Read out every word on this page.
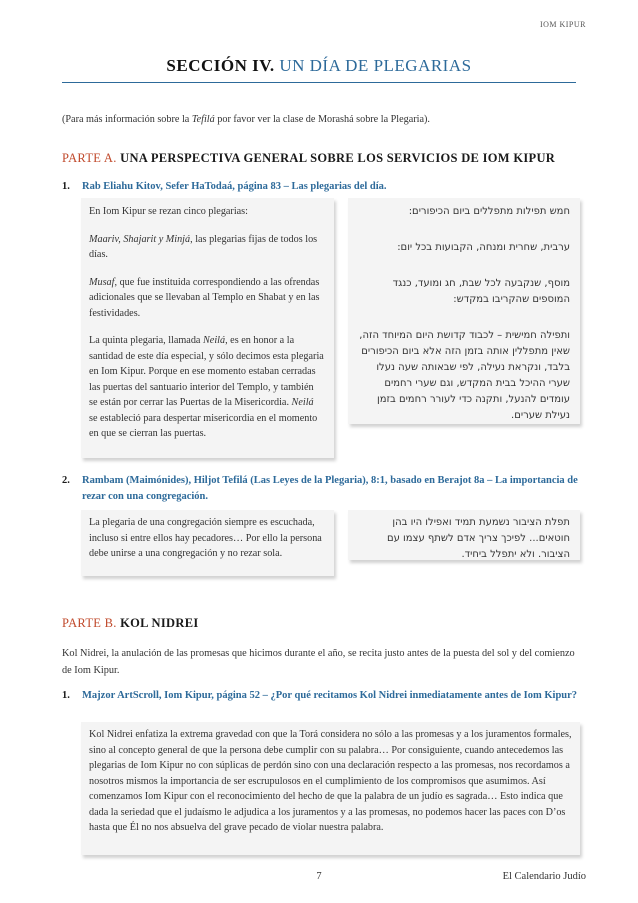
IOM KIPUR
SECCIÓN IV. UN DÍA DE PLEGARIAS
(Para más información sobre la Tefilá por favor ver la clase de Morashá sobre la Plegaria).
PARTE A. UNA PERSPECTIVA GENERAL SOBRE LOS SERVICIOS DE IOM KIPUR
1. Rab Eliahu Kitov, Sefer HaTodaá, página 83 – Las plegarias del día.
En Iom Kipur se rezan cinco plegarias:
Maariv, Shajarit y Minjá, las plegarias fijas de todos los días.
Musaf, que fue instituida correspondiendo a las ofrendas adicionales que se llevaban al Templo en Shabat y en las festividades.
La quinta plegaria, llamada Neilá, es en honor a la santidad de este día especial, y sólo decimos esta plegaria en Iom Kipur. Porque en ese momento estaban cerradas las puertas del santuario interior del Templo, y también se están por cerrar las Puertas de la Misericordia. Neilá se estableció para despertar misericordia en el momento en que se cierran las puertas.
חמש תפילות מתפללים ביום הכיפורים:
ערבית, שחרית ומנחה, הקבועות בכל יום:
מוסף, שנקבעה לכל שבת, חג ומועד, כנגד המוספים שהקריבו במקדש:
ותפילה חמישית – לכבוד קדושת היום המיוחד הזה, שאין מתפללין אותה בזמן הזה אלא ביום הכיפורים בלבד, ונקראת נעילה, לפי שבאותה שעה נעלו שערי ההיכל בבית המקדש, וגם שערי רחמים עומדים להנעל, ותקנה כדי לעורר רחמים בזמן נעילת שערים.
2. Rambam (Maimónides), Hiljot Tefilá (Las Leyes de la Plegaria), 8:1, basado en Berajot 8a – La importancia de rezar con una congregación.
La plegaria de una congregación siempre es escuchada, incluso si entre ellos hay pecadores… Por ello la persona debe unirse a una congregación y no rezar sola.
תפלת הציבור נשמעת תמיד ואפילו היו בהן חוטאים... לפיכך צריך אדם לשתף עצמו עם הציבור. ולא יתפלל ביחיד.
PARTE B. KOL NIDREI
Kol Nidrei, la anulación de las promesas que hicimos durante el año, se recita justo antes de la puesta del sol y del comienzo de Iom Kipur.
1. Majzor ArtScroll, Iom Kipur, página 52 – ¿Por qué recitamos Kol Nidrei inmediatamente antes de Iom Kipur?
Kol Nidrei enfatiza la extrema gravedad con que la Torá considera no sólo a las promesas y a los juramentos formales, sino al concepto general de que la persona debe cumplir con su palabra… Por consiguiente, cuando antecedemos las plegarias de Iom Kipur no con súplicas de perdón sino con una declaración respecto a las promesas, nos recordamos a nosotros mismos la importancia de ser escrupulosos en el cumplimiento de los compromisos que asumimos. Así comenzamos Iom Kipur con el reconocimiento del hecho de que la palabra de un judío es sagrada… Esto indica que dada la seriedad que el judaísmo le adjudica a los juramentos y a las promesas, no podemos hacer las paces con D’os hasta que Él no nos absuelva del grave pecado de violar nuestra palabra.
7	El Calendario Judío
